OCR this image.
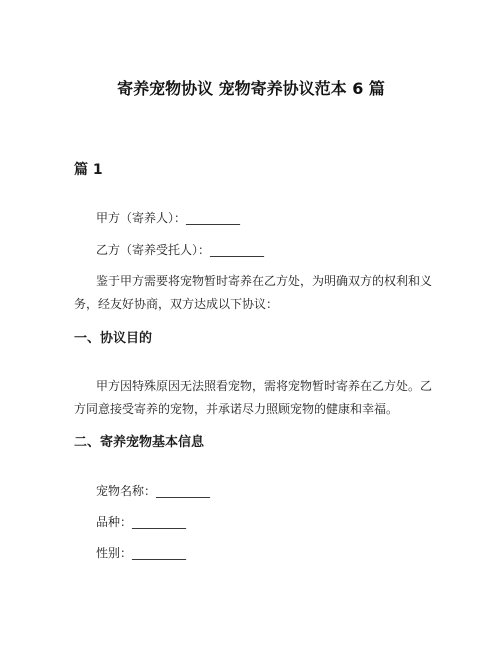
寄养宠物协议 宠物寄养协议范本 6 篇
篇 1
甲方（寄养人）：_________
乙方（寄养受托人）：_________
鉴于甲方需要将宠物暂时寄养在乙方处，为明确双方的权利和义务，经友好协商，双方达成以下协议：
一、协议目的
甲方因特殊原因无法照看宠物，需将宠物暂时寄养在乙方处。乙方同意接受寄养的宠物，并承诺尽力照顾宠物的健康和幸福。
二、寄养宠物基本信息
宠物名称：_________
品种：_________
性别：_________
